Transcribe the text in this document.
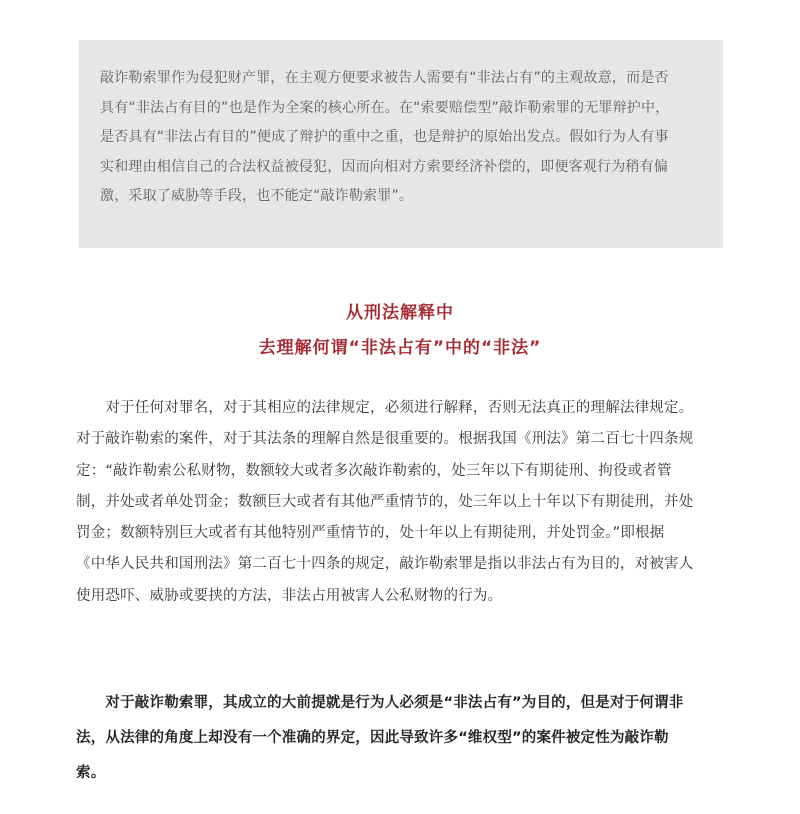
敲诈勒索罪作为侵犯财产罪，在主观方便要求被告人需要有“非法占有”的主观故意，而是否
具有“非法占有目的”也是作为全案的核心所在。在“索要赔偿型”敲诈勒索罪的无罪辩护中，
是否具有“非法占有目的”便成了辩护的重中之重，也是辩护的原始出发点。假如行为人有事
实和理由相信自己的合法权益被侵犯，因而向相对方索要经济补偿的，即便客观行为稍有偏
激，采取了威胁等手段，也不能定“敲诈勒索罪”。
从刑法解释中
去理解何谓“非法占有”中的“非法”
　　对于任何对罪名，对于其相应的法律规定，必须进行解释，否则无法真正的理解法律规定。
对于敲诈勒索的案件，对于其法条的理解自然是很重要的。根据我国《刑法》第二百七十四条规
定：“敲诈勒索公私财物，数额较大或者多次敲诈勒索的，处三年以下有期徒刑、拘役或者管
制，并处或者单处罚金；数额巨大或者有其他严重情节的，处三年以上十年以下有期徒刑，并处
罚金；数额特别巨大或者有其他特别严重情节的，处十年以上有期徒刑，并处罚金。”即根据
《中华人民共和国刑法》第二百七十四条的规定，敲诈勒索罪是指以非法占有为目的，对被害人
使用恐吓、威胁或要挟的方法，非法占用被害人公私财物的行为。
　　对于敲诈勒索罪，其成立的大前提就是行为人必须是“非法占有”为目的，但是对于何谓非
法，从法律的角度上却没有一个准确的界定，因此导致许多“维权型”的案件被定性为敲诈勒
索。
